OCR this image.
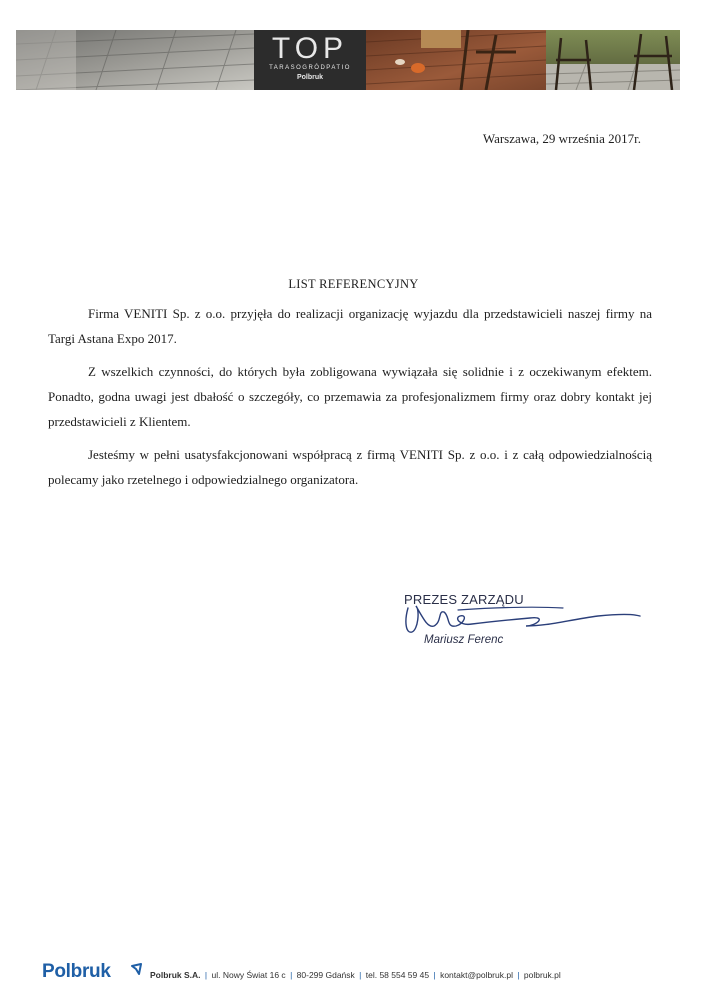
TOP
TARASOGRÓDPATIO
Polbruk
Warszawa, 29 września 2017r.
LIST REFERENCYJNY

Firma VENITI Sp. z o.o. przyjęła do realizacji organizację wyjazdu dla przedstawicieli naszej firmy na Targi Astana Expo 2017.

Z wszelkich czynności, do których była zobligowana wywiązała się solidnie i z oczekiwanym efektem. Ponadto, godna uwagi jest dbałość o szczegóły, co przemawia za profesjonalizmem firmy oraz dobry kontakt jej przedstawicieli z Klientem.

Jesteśmy w pełni usatysfakcjonowani współpracą z firmą VENITI Sp. z o.o. i z całą odpowiedzialnością polecamy jako rzetelnego i odpowiedzialnego organizatora.

PREZES ZARZĄDU
Mariusz Ferenc
Polbruk	Polbruk S.A. | ul. Nowy Świat 16 c | 80-299 Gdańsk | tel. 58 554 59 45 | kontakt@polbruk.pl | polbruk.pl
